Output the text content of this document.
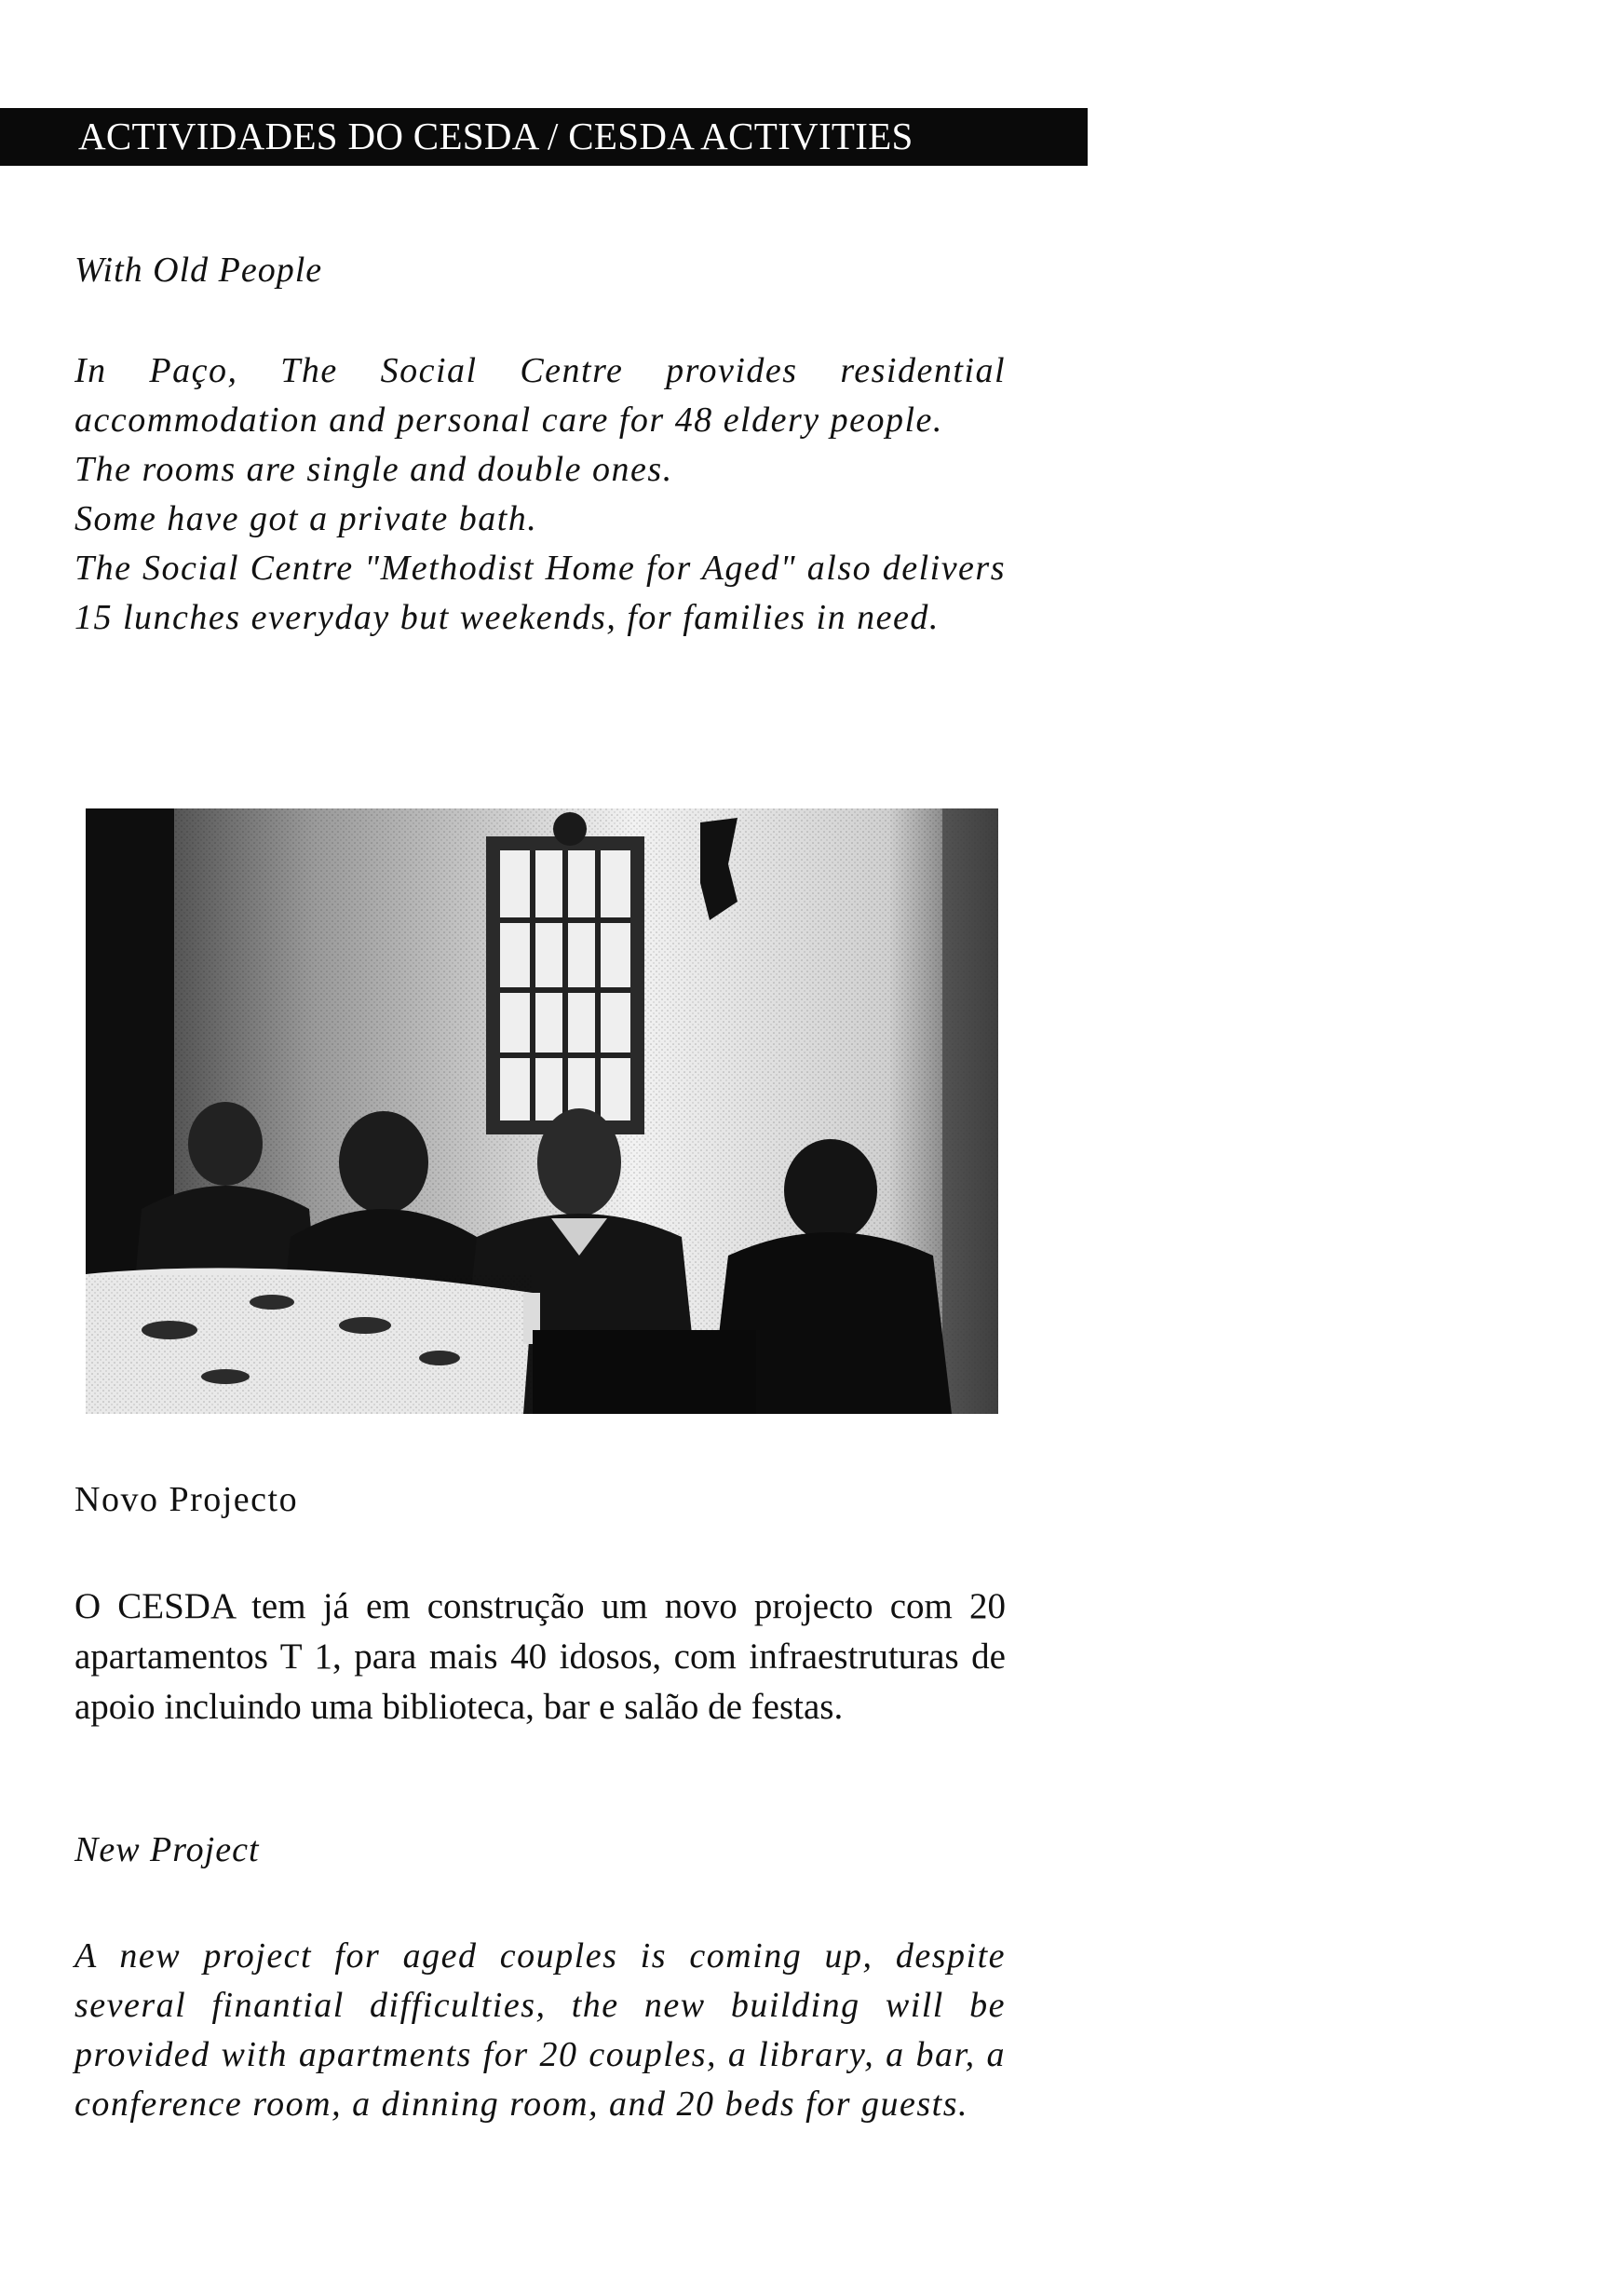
ACTIVIDADES DO CESDA / CESDA ACTIVITIES
With Old People

In Paço, The Social Centre provides residential accommodation and personal care for 48 eldery people.

The rooms are single and double ones.

Some have got a private bath.

The Social Centre "Methodist Home for Aged" also delivers 15 lunches everyday but weekends, for families in need.

Novo Projecto
O CESDA tem já em construção um novo projecto com 20 apartamentos T 1, para mais 40 idosos, com infraestruturas de apoio incluindo uma biblioteca, bar e salão de festas.
New Project

A new project for aged couples is coming up, despite several finantial difficulties, the new building will be provided with apartments for 20 couples, a library, a bar, a conference room, a dinning room, and 20 beds for guests.
